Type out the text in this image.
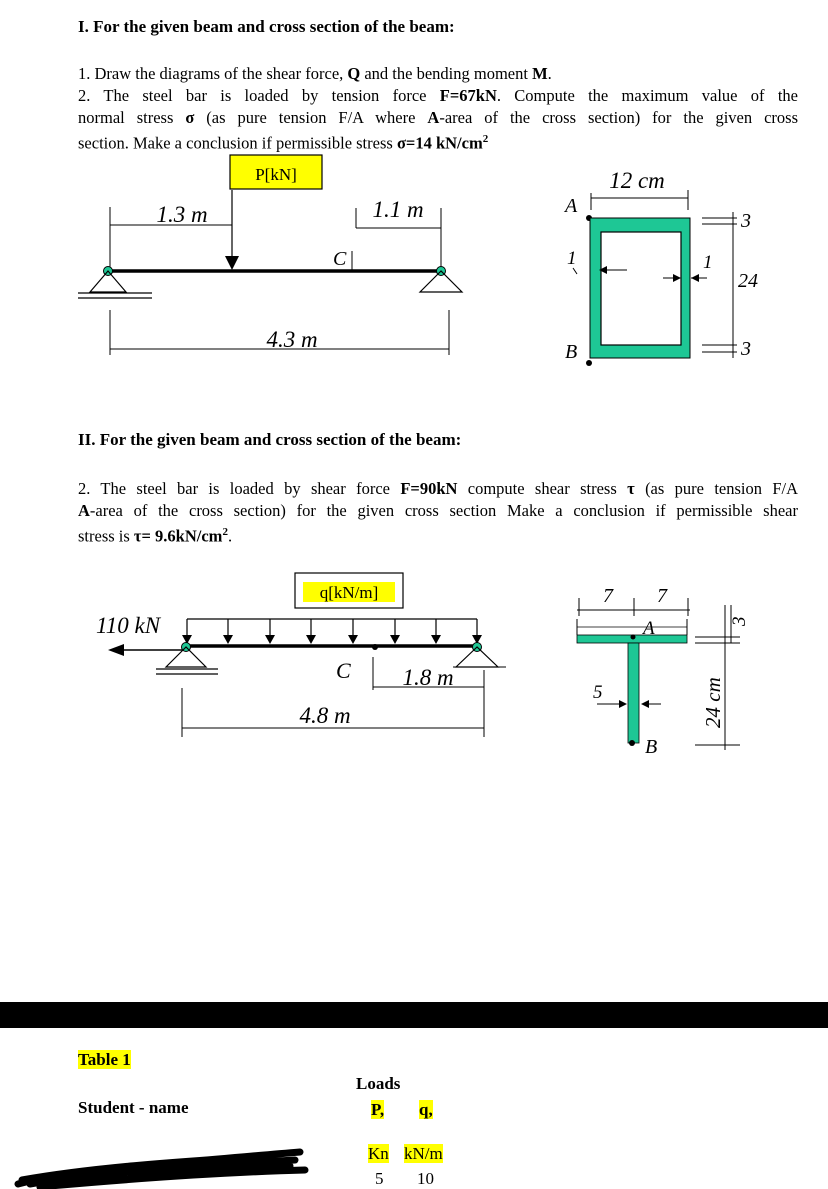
I. For the given beam and cross section of the beam:
1. Draw the diagrams of the shear force, Q and the bending moment M.
2. The steel bar is loaded by tension force F=67kN. Compute the maximum value of the
normal stress σ (as pure tension F/A where A-area of the cross section) for the given cross
section. Make a conclusion if permissible stress σ=14 $kN/cm^2$
P[kN]
1.3 m	1.1 m
C
4.3 m
12 cm
A
1	1
3
24
3
B
II. For the given beam and cross section of the beam:
2. The steel bar is loaded by shear force F=90kN compute shear stress τ (as pure tension F/A
A-area of the cross section) for the given cross section Make a conclusion if permissible shear
stress is $\tau= 9.6kN/cm^2$.
q[kN/m]
110 kN
C 1.8 m
4.8 m
7 7
A
B
5	24 cm
3
Table 1
Student - name
Loads
P, q,
Kn kN/m
5 10
